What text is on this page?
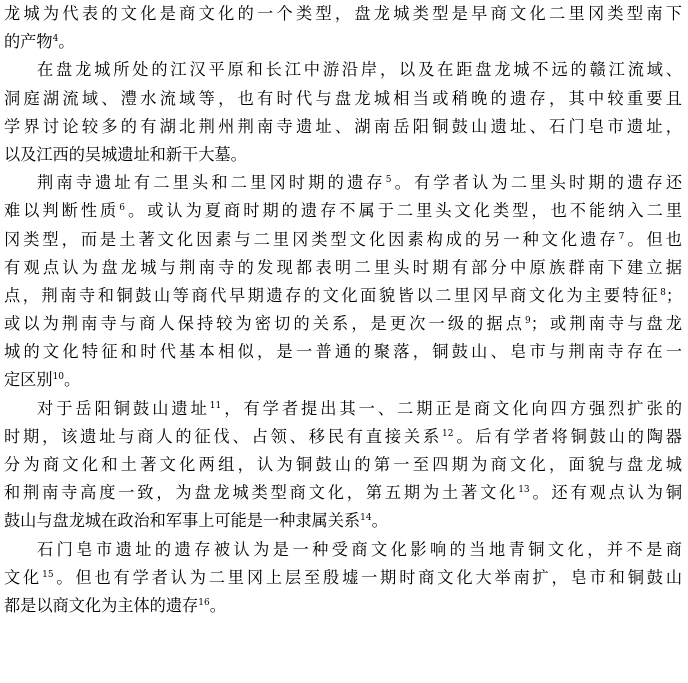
龙城为代表的文化是商文化的一个类型，盘龙城类型是早商文化二里冈类型南下
的产物$^4$。

在盘龙城所处的江汉平原和长江中游沿岸，以及在距盘龙城不远的赣江流域、
洞庭湖流域、澧水流域等，也有时代与盘龙城相当或稍晚的遗存，其中较重要且
学界讨论较多的有湖北荆州荆南寺遗址、湖南岳阳铜鼓山遗址、石门皂市遗址，
以及江西的吴城遗址和新干大墓。

荆南寺遗址有二里头和二里冈时期的遗存$^5$。有学者认为二里头时期的遗存还
难以判断性质$^6$。或认为夏商时期的遗存不属于二里头文化类型，也不能纳入二里
冈类型，而是土著文化因素与二里冈类型文化因素构成的另一种文化遗存$^7$。但也
有观点认为盘龙城与荆南寺的发现都表明二里头时期有部分中原族群南下建立据
点，荆南寺和铜鼓山等商代早期遗存的文化面貌皆以二里冈早商文化为主要特征$^8$；
或以为荆南寺与商人保持较为密切的关系，是更次一级的据点$^9$；或荆南寺与盘龙
城的文化特征和时代基本相似，是一普通的聚落，铜鼓山、皂市与荆南寺存在一
定区别$^{10}$。

对于岳阳铜鼓山遗址$^{11}$，有学者提出其一、二期正是商文化向四方强烈扩张的
时期，该遗址与商人的征伐、占领、移民有直接关系$^{12}$。后有学者将铜鼓山的陶器
分为商文化和土著文化两组，认为铜鼓山的第一至四期为商文化，面貌与盘龙城
和荆南寺高度一致，为盘龙城类型商文化，第五期为土著文化$^{13}$。还有观点认为铜
鼓山与盘龙城在政治和军事上可能是一种隶属关系$^{14}$。

石门皂市遗址的遗存被认为是一种受商文化影响的当地青铜文化，并不是商
文化$^{15}$。但也有学者认为二里冈上层至殷墟一期时商文化大举南扩，皂市和铜鼓山
都是以商文化为主体的遗存$^{16}$。
